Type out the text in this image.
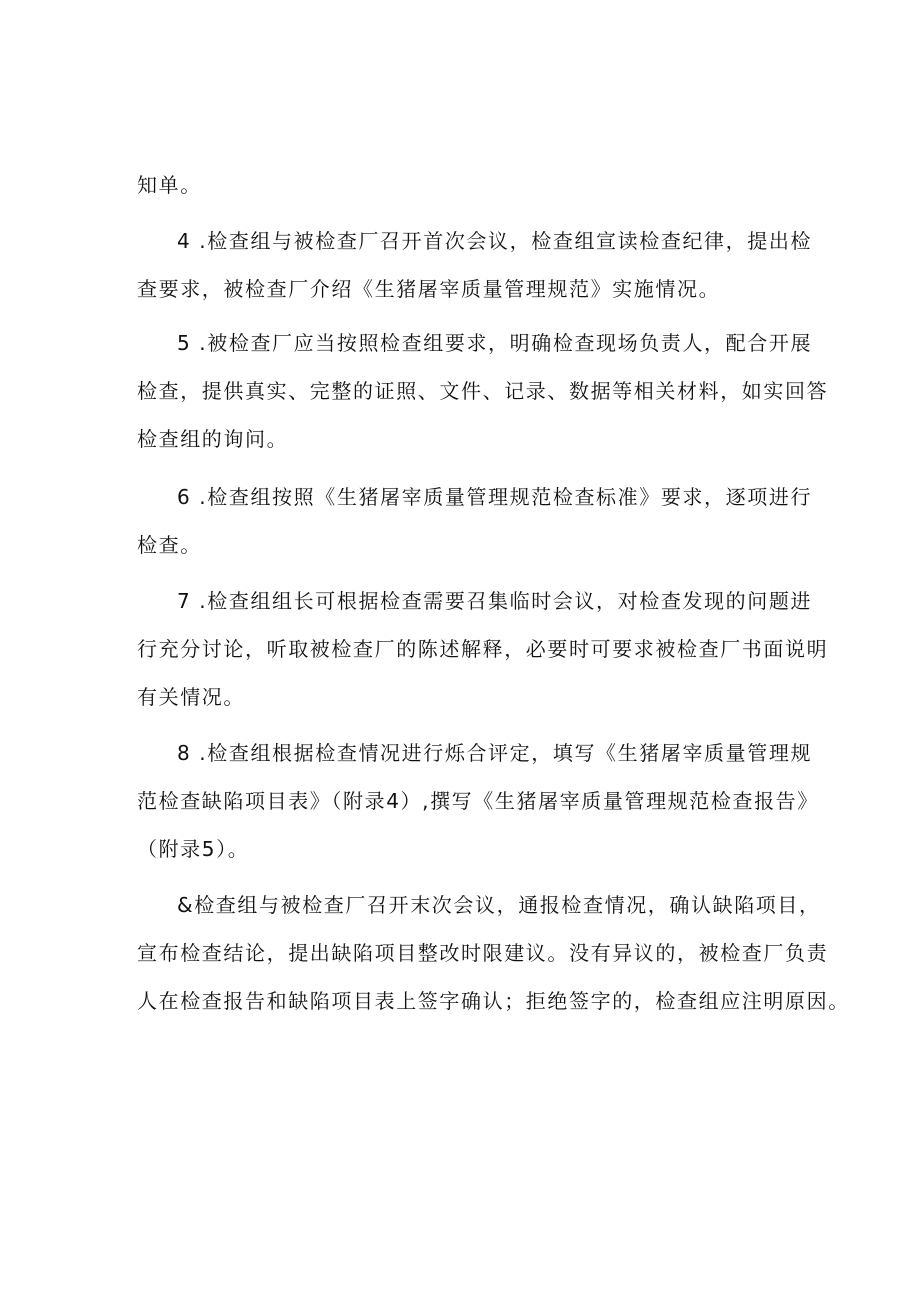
知单。
4 .检查组与被检查厂召开首次会议，检查组宣读检查纪律，提出检
查要求，被检查厂介绍《生猪屠宰质量管理规范》实施情况。
5 .被检查厂应当按照检查组要求，明确检查现场负责人，配合开展
检查，提供真实、完整的证照、文件、记录、数据等相关材料，如实回答
检查组的询问。
6 .检查组按照《生猪屠宰质量管理规范检查标准》要求，逐项进行
检查。
7 .检查组组长可根据检查需要召集临时会议，对检查发现的问题进
行充分讨论，听取被检查厂的陈述解释，必要时可要求被检查厂书面说明
有关情况。
8 .检查组根据检查情况进行烁合评定，填写《生猪屠宰质量管理规
范检查缺陷项目表》（附录4）,撰写《生猪屠宰质量管理规范检查报告》
（附录5）。
&检查组与被检查厂召开末次会议，通报检查情况，确认缺陷项目，
宣布检查结论，提出缺陷项目整改时限建议。没有异议的，被检查厂负责
人在检查报告和缺陷项目表上签字确认；拒绝签字的，检查组应注明原因。
